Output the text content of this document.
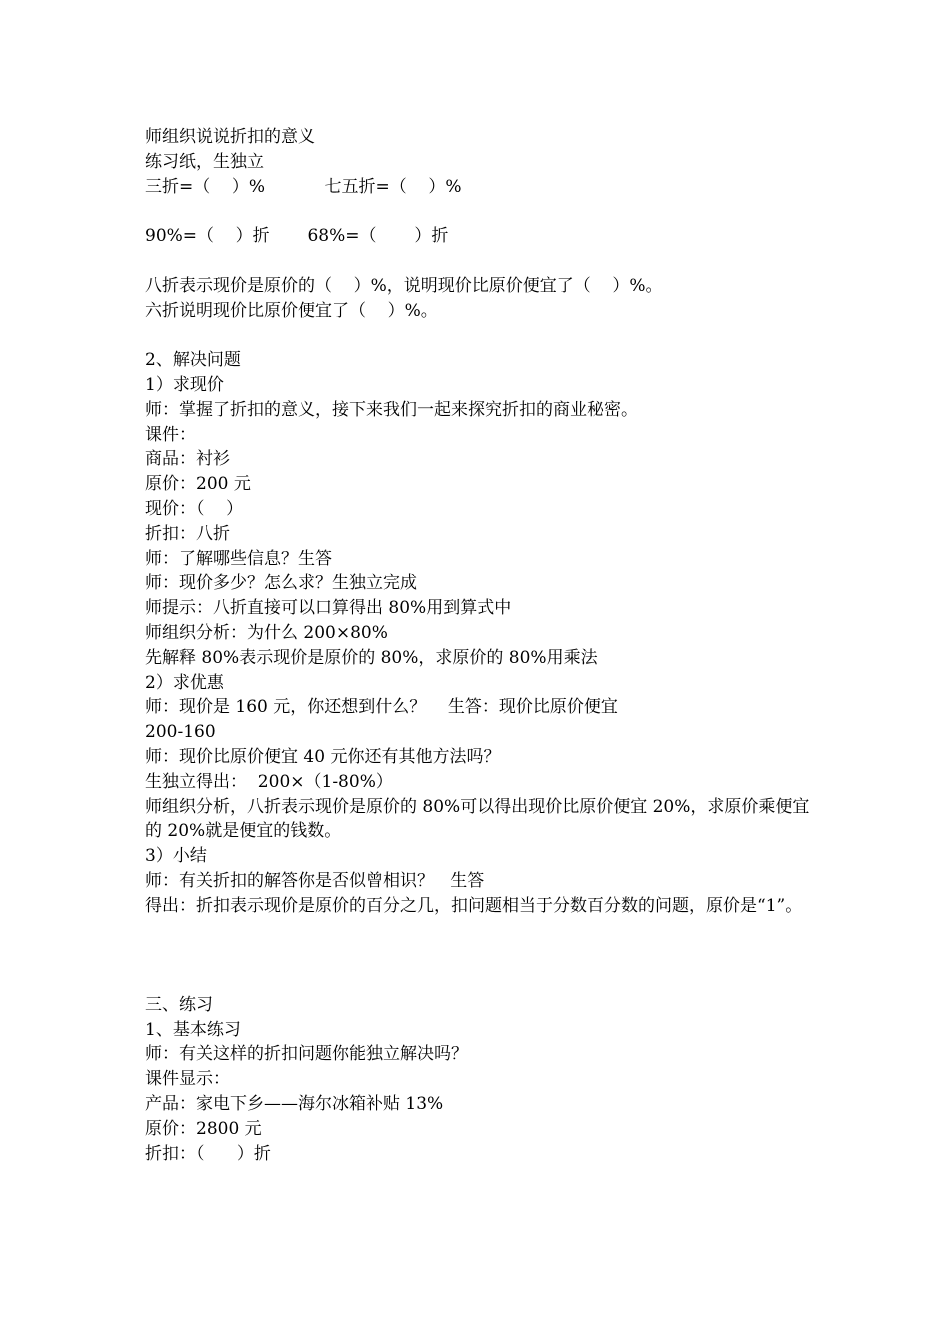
师组织说说折扣的意义

练习纸，生独立

三折=（    ）%           七五折=（    ）%

90%=（    ）折       68%=（       ）折

八折表示现价是原价的（    ）%，说明现价比原价便宜了（    ）%。

六折说明现价比原价便宜了（    ）%。

2、解决问题

1）求现价

师：掌握了折扣的意义，接下来我们一起来探究折扣的商业秘密。

课件：

商品：衬衫

原价：200 元

现价：（    ）

折扣：八折

师：了解哪些信息？生答

师：现价多少？怎么求？生独立完成

师提示：八折直接可以口算得出 80%用到算式中

师组织分析：为什么 200×80%

先解释 80%表示现价是原价的 80%，求原价的 80%用乘法

2）求优惠

师：现价是 160 元，你还想到什么？    生答：现价比原价便宜

200-160

师：现价比原价便宜 40 元你还有其他方法吗？

生独立得出：  200×（1-80%）

师组织分析，八折表示现价是原价的 80%可以得出现价比原价便宜 20%，求原价乘便宜的 20%就是便宜的钱数。

3）小结

师：有关折扣的解答你是否似曾相识？   生答

得出：折扣表示现价是原价的百分之几，扣问题相当于分数百分数的问题，原价是“1”。

三、练习

1、基本练习

师：有关这样的折扣问题你能独立解决吗？

课件显示：

产品：家电下乡——海尔冰箱补贴 13%

原价：2800 元

折扣：（      ）折
